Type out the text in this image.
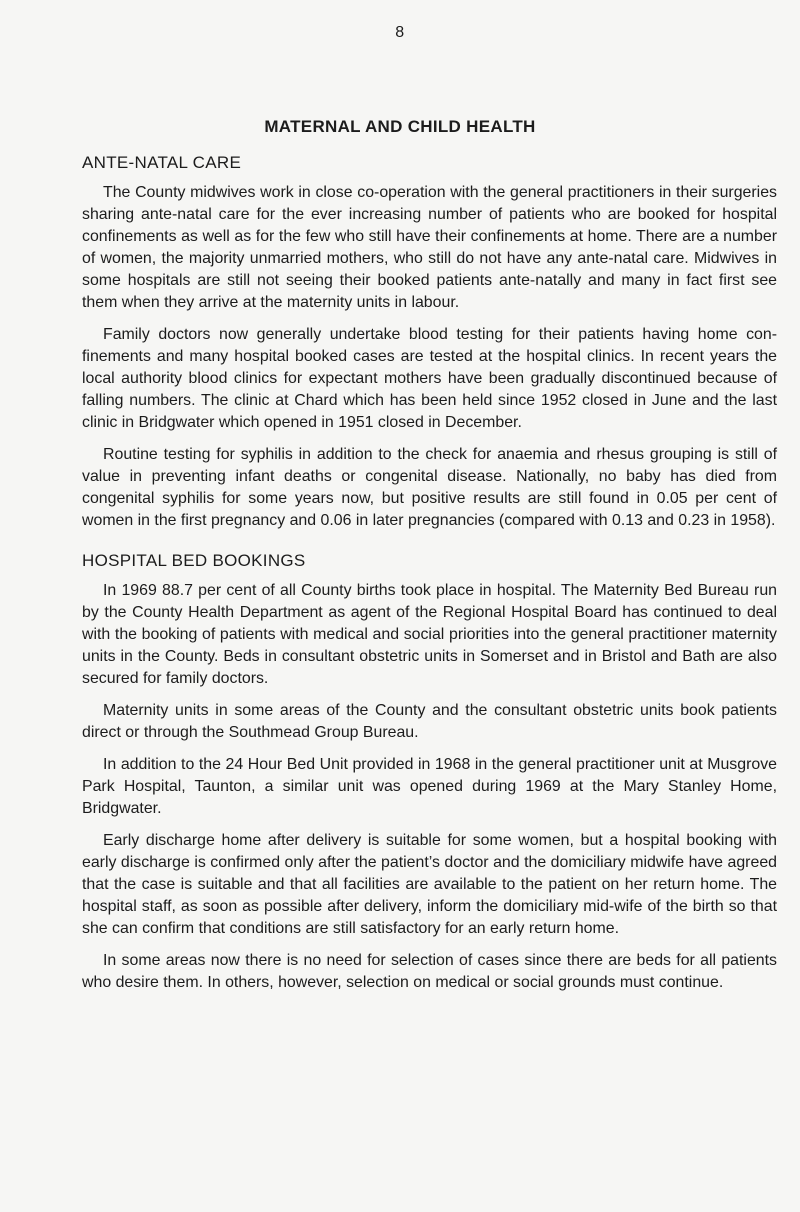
8
MATERNAL AND CHILD HEALTH
ANTE-NATAL CARE

The County midwives work in close co-operation with the general practitioners in their surgeries sharing ante-natal care for the ever increasing number of patients who are booked for hospital confinements as well as for the few who still have their confinements at home. There are a number of women, the majority unmarried mothers, who still do not have any ante-natal care. Midwives in some hospitals are still not seeing their booked patients ante-natally and many in fact first see them when they arrive at the maternity units in labour.

Family doctors now generally undertake blood testing for their patients having home con-finements and many hospital booked cases are tested at the hospital clinics. In recent years the local authority blood clinics for expectant mothers have been gradually discontinued because of falling numbers. The clinic at Chard which has been held since 1952 closed in June and the last clinic in Bridgwater which opened in 1951 closed in December.

Routine testing for syphilis in addition to the check for anaemia and rhesus grouping is still of value in preventing infant deaths or congenital disease. Nationally, no baby has died from congenital syphilis for some years now, but positive results are still found in 0.05 per cent of women in the first pregnancy and 0.06 in later pregnancies (compared with 0.13 and 0.23 in 1958).

HOSPITAL BED BOOKINGS

In 1969 88.7 per cent of all County births took place in hospital. The Maternity Bed Bureau run by the County Health Department as agent of the Regional Hospital Board has continued to deal with the booking of patients with medical and social priorities into the general practitioner maternity units in the County. Beds in consultant obstetric units in Somerset and in Bristol and Bath are also secured for family doctors.

Maternity units in some areas of the County and the consultant obstetric units book patients direct or through the Southmead Group Bureau.

In addition to the 24 Hour Bed Unit provided in 1968 in the general practitioner unit at Musgrove Park Hospital, Taunton, a similar unit was opened during 1969 at the Mary Stanley Home, Bridgwater.

Early discharge home after delivery is suitable for some women, but a hospital booking with early discharge is confirmed only after the patient’s doctor and the domiciliary midwife have agreed that the case is suitable and that all facilities are available to the patient on her return home. The hospital staff, as soon as possible after delivery, inform the domiciliary mid-wife of the birth so that she can confirm that conditions are still satisfactory for an early return home.

In some areas now there is no need for selection of cases since there are beds for all patients who desire them. In others, however, selection on medical or social grounds must continue.
